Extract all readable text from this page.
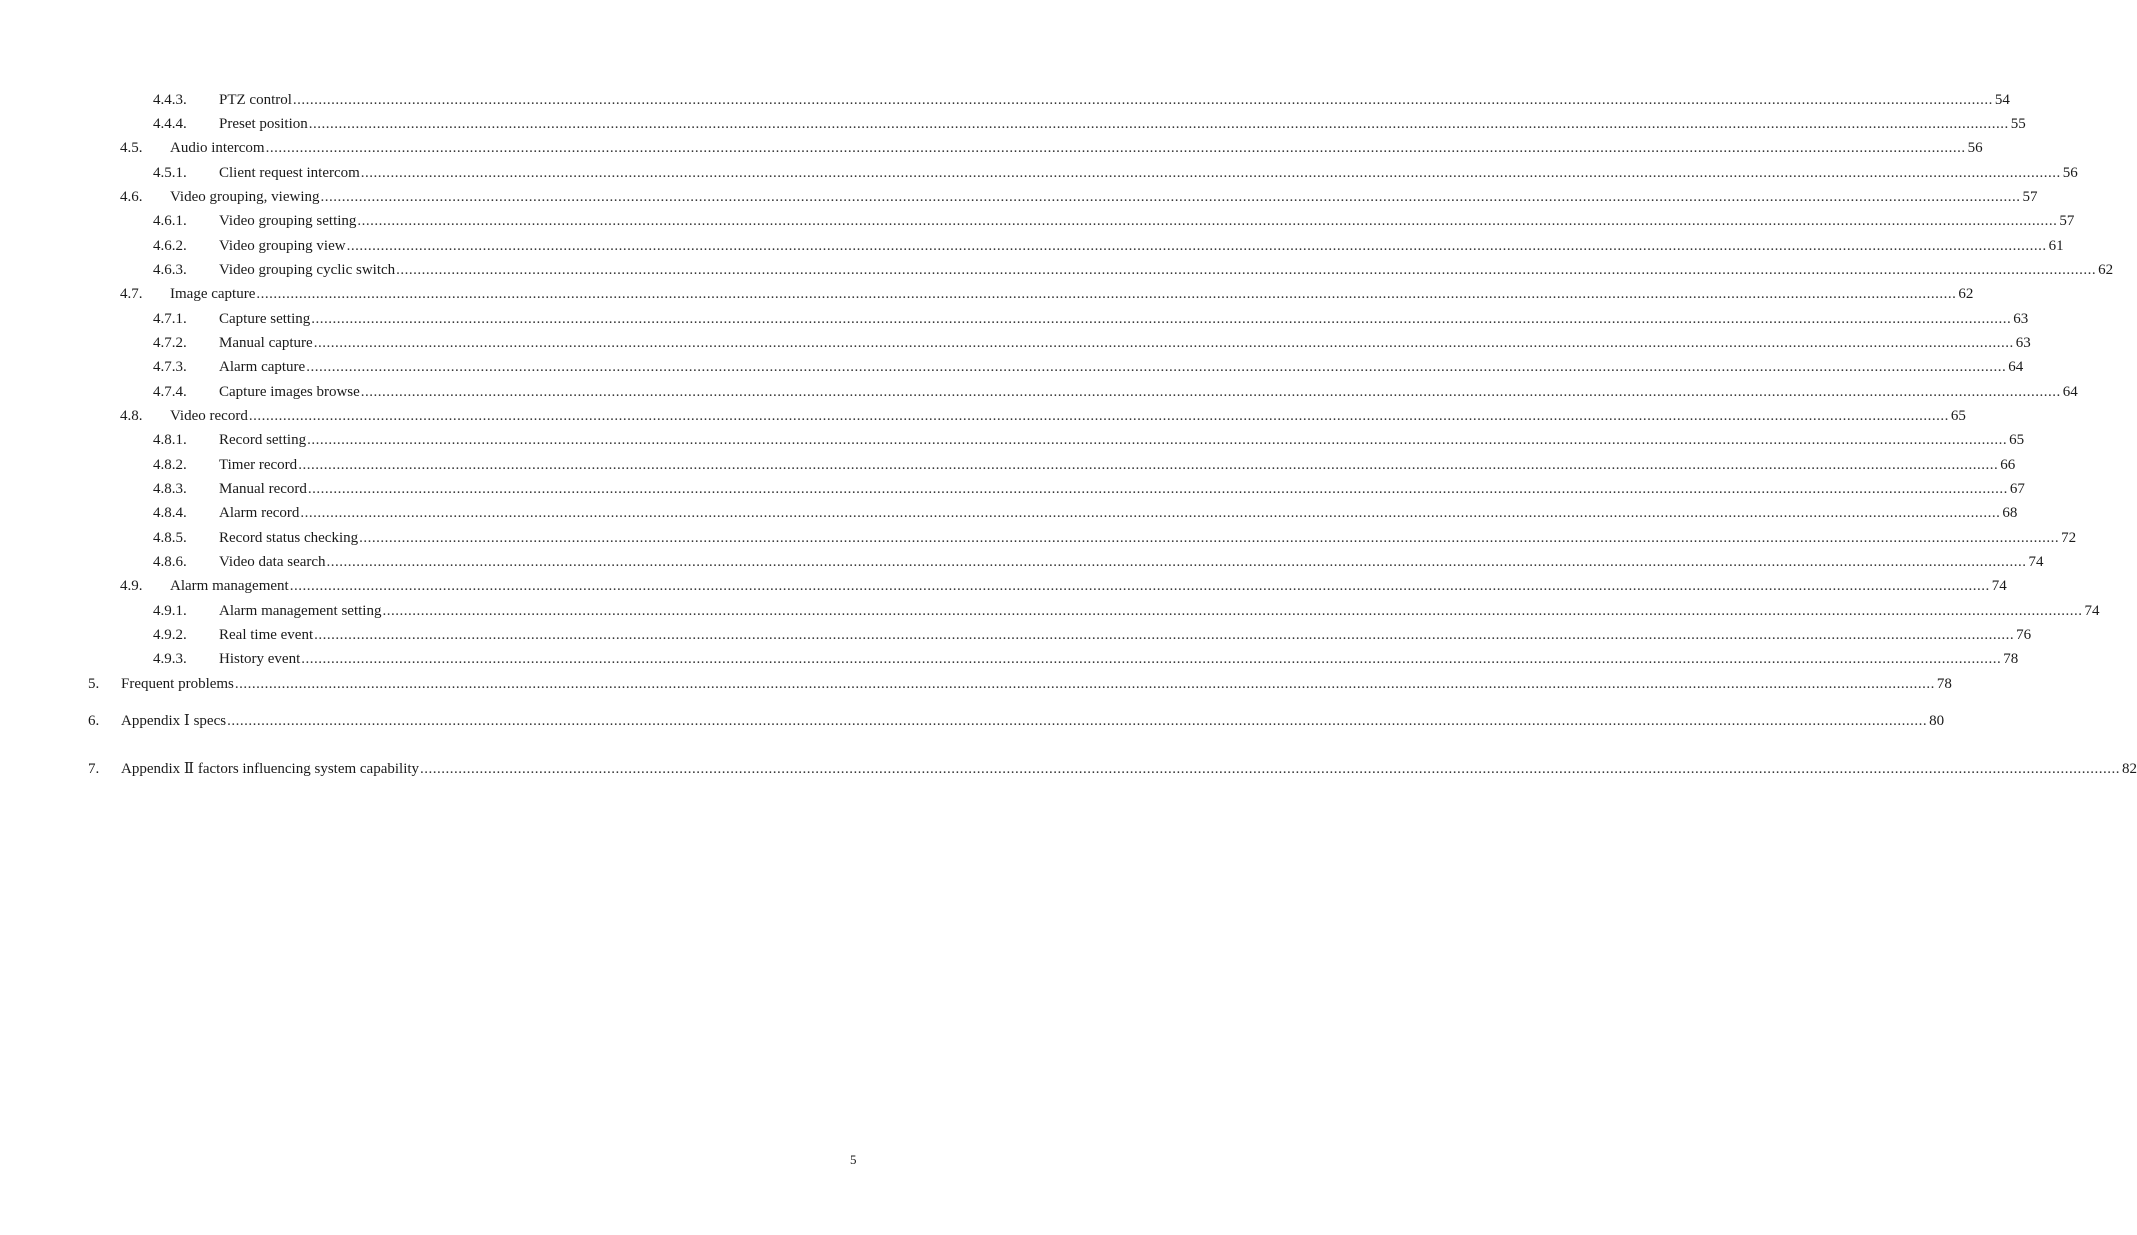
4.4.3.	PTZ control ................................................................................................................................................................................................................................................................................................................................................................................................................ 54
4.4.4.	Preset position ................................................................................................................................................................................................................................................................................................................................................................................................................ 55
4.5.	Audio intercom ................................................................................................................................................................................................................................................................................................................................................................................................................ 56
4.5.1.	Client request intercom ................................................................................................................................................................................................................................................................................................................................................................................................................ 56
4.6.	Video grouping, viewing ................................................................................................................................................................................................................................................................................................................................................................................................................ 57
4.6.1.	Video grouping setting ................................................................................................................................................................................................................................................................................................................................................................................................................ 57
4.6.2.	Video grouping view ................................................................................................................................................................................................................................................................................................................................................................................................................ 61
4.6.3.	Video grouping cyclic switch ................................................................................................................................................................................................................................................................................................................................................................................................................ 62
4.7.	Image capture ................................................................................................................................................................................................................................................................................................................................................................................................................ 62
4.7.1.	Capture setting ................................................................................................................................................................................................................................................................................................................................................................................................................ 63
4.7.2.	Manual capture ................................................................................................................................................................................................................................................................................................................................................................................................................ 63
4.7.3.	Alarm capture ................................................................................................................................................................................................................................................................................................................................................................................................................ 64
4.7.4.	Capture images browse ................................................................................................................................................................................................................................................................................................................................................................................................................ 64
4.8.	Video record ................................................................................................................................................................................................................................................................................................................................................................................................................ 65
4.8.1.	Record setting ................................................................................................................................................................................................................................................................................................................................................................................................................ 65
4.8.2.	Timer record ................................................................................................................................................................................................................................................................................................................................................................................................................ 66
4.8.3.	Manual record ................................................................................................................................................................................................................................................................................................................................................................................................................ 67
4.8.4.	Alarm record ................................................................................................................................................................................................................................................................................................................................................................................................................ 68
4.8.5.	Record status checking ................................................................................................................................................................................................................................................................................................................................................................................................................ 72
4.8.6.	Video data search ................................................................................................................................................................................................................................................................................................................................................................................................................ 74
4.9.	Alarm management ................................................................................................................................................................................................................................................................................................................................................................................................................ 74
4.9.1.	Alarm management setting ................................................................................................................................................................................................................................................................................................................................................................................................................ 74
4.9.2.	Real time event ................................................................................................................................................................................................................................................................................................................................................................................................................ 76
4.9.3.	History event ................................................................................................................................................................................................................................................................................................................................................................................................................ 78
5.	Frequent problems ................................................................................................................................................................................................................................................................................................................................................................................................................ 78
6.	Appendix Ⅰ specs ................................................................................................................................................................................................................................................................................................................................................................................................................ 80
7.	Appendix Ⅱ factors influencing system capability ................................................................................................................................................................................................................................................................................................................................................................................................................ 82
5
